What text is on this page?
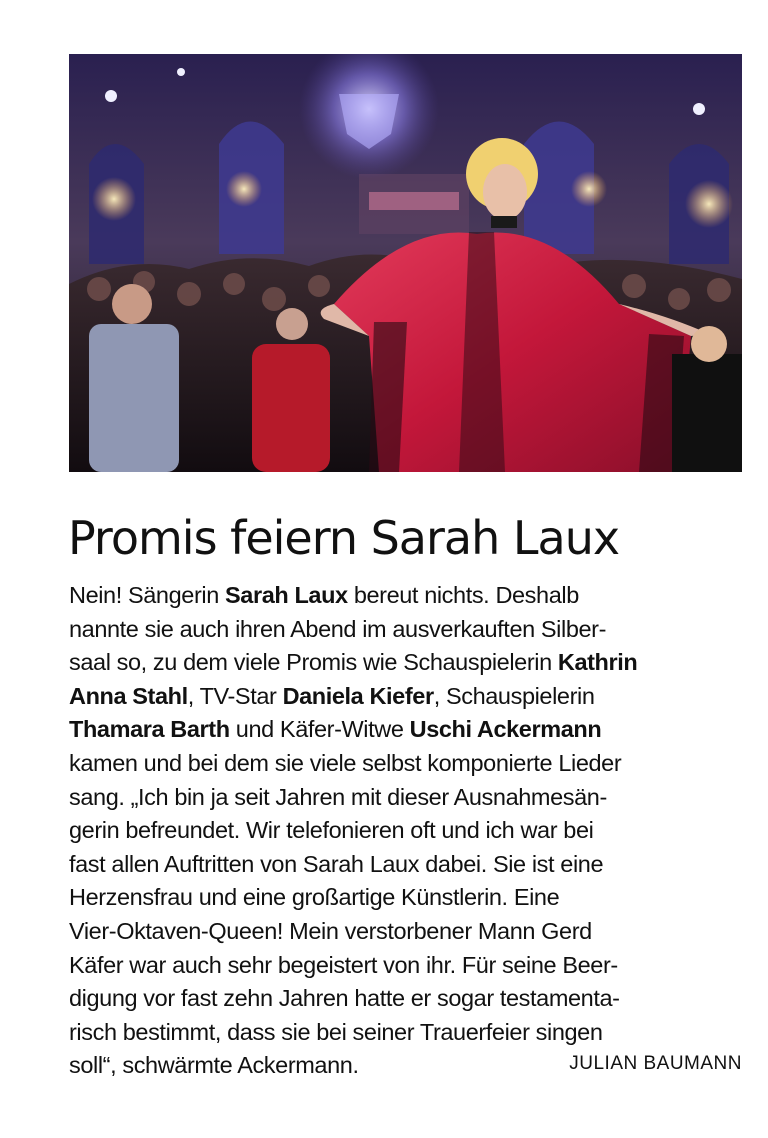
Promis feiern Sarah Laux
Nein! Sängerin Sarah Laux bereut nichts. Deshalb
nannte sie auch ihren Abend im ausverkauften Silber-
saal so, zu dem viele Promis wie Schauspielerin Kathrin
Anna Stahl, TV-Star Daniela Kiefer, Schauspielerin
Thamara Barth und Käfer-Witwe Uschi Ackermann
kamen und bei dem sie viele selbst komponierte Lieder
sang. „Ich bin ja seit Jahren mit dieser Ausnahmesän-
gerin befreundet. Wir telefonieren oft und ich war bei
fast allen Auftritten von Sarah Laux dabei. Sie ist eine
Herzensfrau und eine großartige Künstlerin. Eine
Vier-Oktaven-Queen! Mein verstorbener Mann Gerd
Käfer war auch sehr begeistert von ihr. Für seine Beer-
digung vor fast zehn Jahren hatte er sogar testamenta-
risch bestimmt, dass sie bei seiner Trauerfeier singen
soll“, schwärmte Ackermann.	JULIAN BAUMANN
